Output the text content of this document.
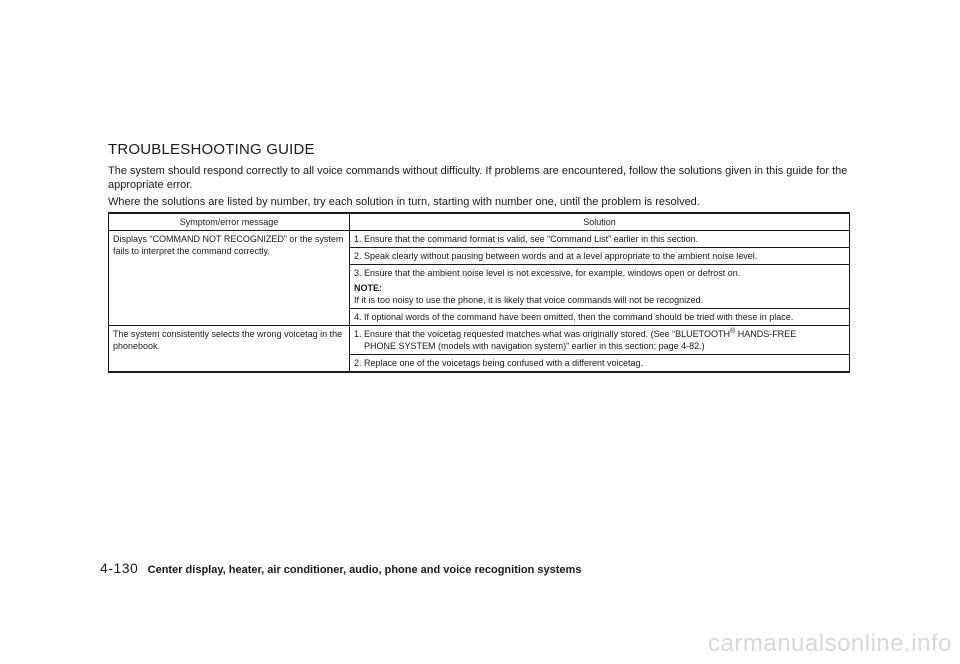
TROUBLESHOOTING GUIDE

The system should respond correctly to all voice commands without difficulty. If problems are encountered, follow the solutions given in this guide for the appropriate error.

Where the solutions are listed by number, try each solution in turn, starting with number one, until the problem is resolved.

Symptom/error message	Solution
Displays “COMMAND NOT RECOGNIZED” or the system fails to interpret the command correctly.	1. Ensure that the command format is valid, see “Command List” earlier in this section.
	2. Speak clearly without pausing between words and at a level appropriate to the ambient noise level.
	3. Ensure that the ambient noise level is not excessive, for example, windows open or defrost on.
NOTE:
If it is too noisy to use the phone, it is likely that voice commands will not be recognized.
	4. If optional words of the command have been omitted, then the command should be tried with these in place.
The system consistently selects the wrong voicetag in the phonebook.	1. Ensure that the voicetag requested matches what was originally stored. (See “BLUETOOTH® HANDS-FREE
PHONE SYSTEM (models with navigation system)” earlier in this section; page 4-82.)

	2. Replace one of the voicetags being confused with a different voicetag.
4-130 Center display, heater, air conditioner, audio, phone and voice recognition systems
carmanualsonline.info
